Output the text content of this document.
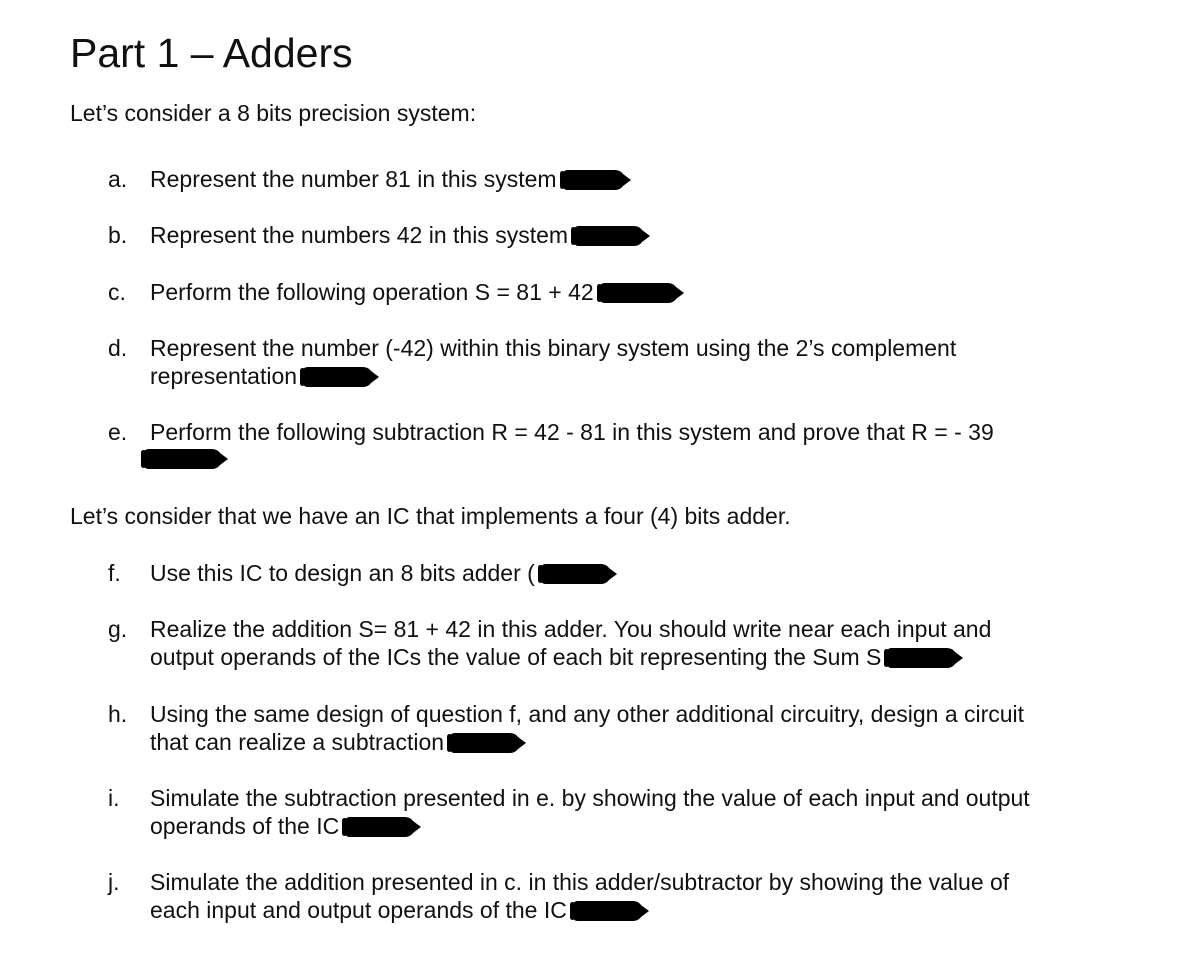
Part 1 – Adders

Let’s consider a 8 bits precision system:

a. Represent the number 81 in this system
b. Represent the numbers 42 in this system
c.	Perform the following operation S = 81 + 42
d. Represent the number (-42) within this binary system using the 2’s complement
representation
e. Perform the following subtraction R = 42 - 81 in this system and prove that R = - 39

Let’s consider that we have an IC that implements a four (4) bits adder.

f.	Use this IC to design an 8 bits adder (
g. Realize the addition S= 81 + 42 in this adder. You should write near each input and
output operands of the ICs the value of each bit representing the Sum S
h. Using the same design of question f, and any other additional circuitry, design a circuit
that can realize a subtraction
i.	Simulate the subtraction presented in e. by showing the value of each input and output
operands of the IC
j.	Simulate the addition presented in c. in this adder/subtractor by showing the value of
each input and output operands of the IC
